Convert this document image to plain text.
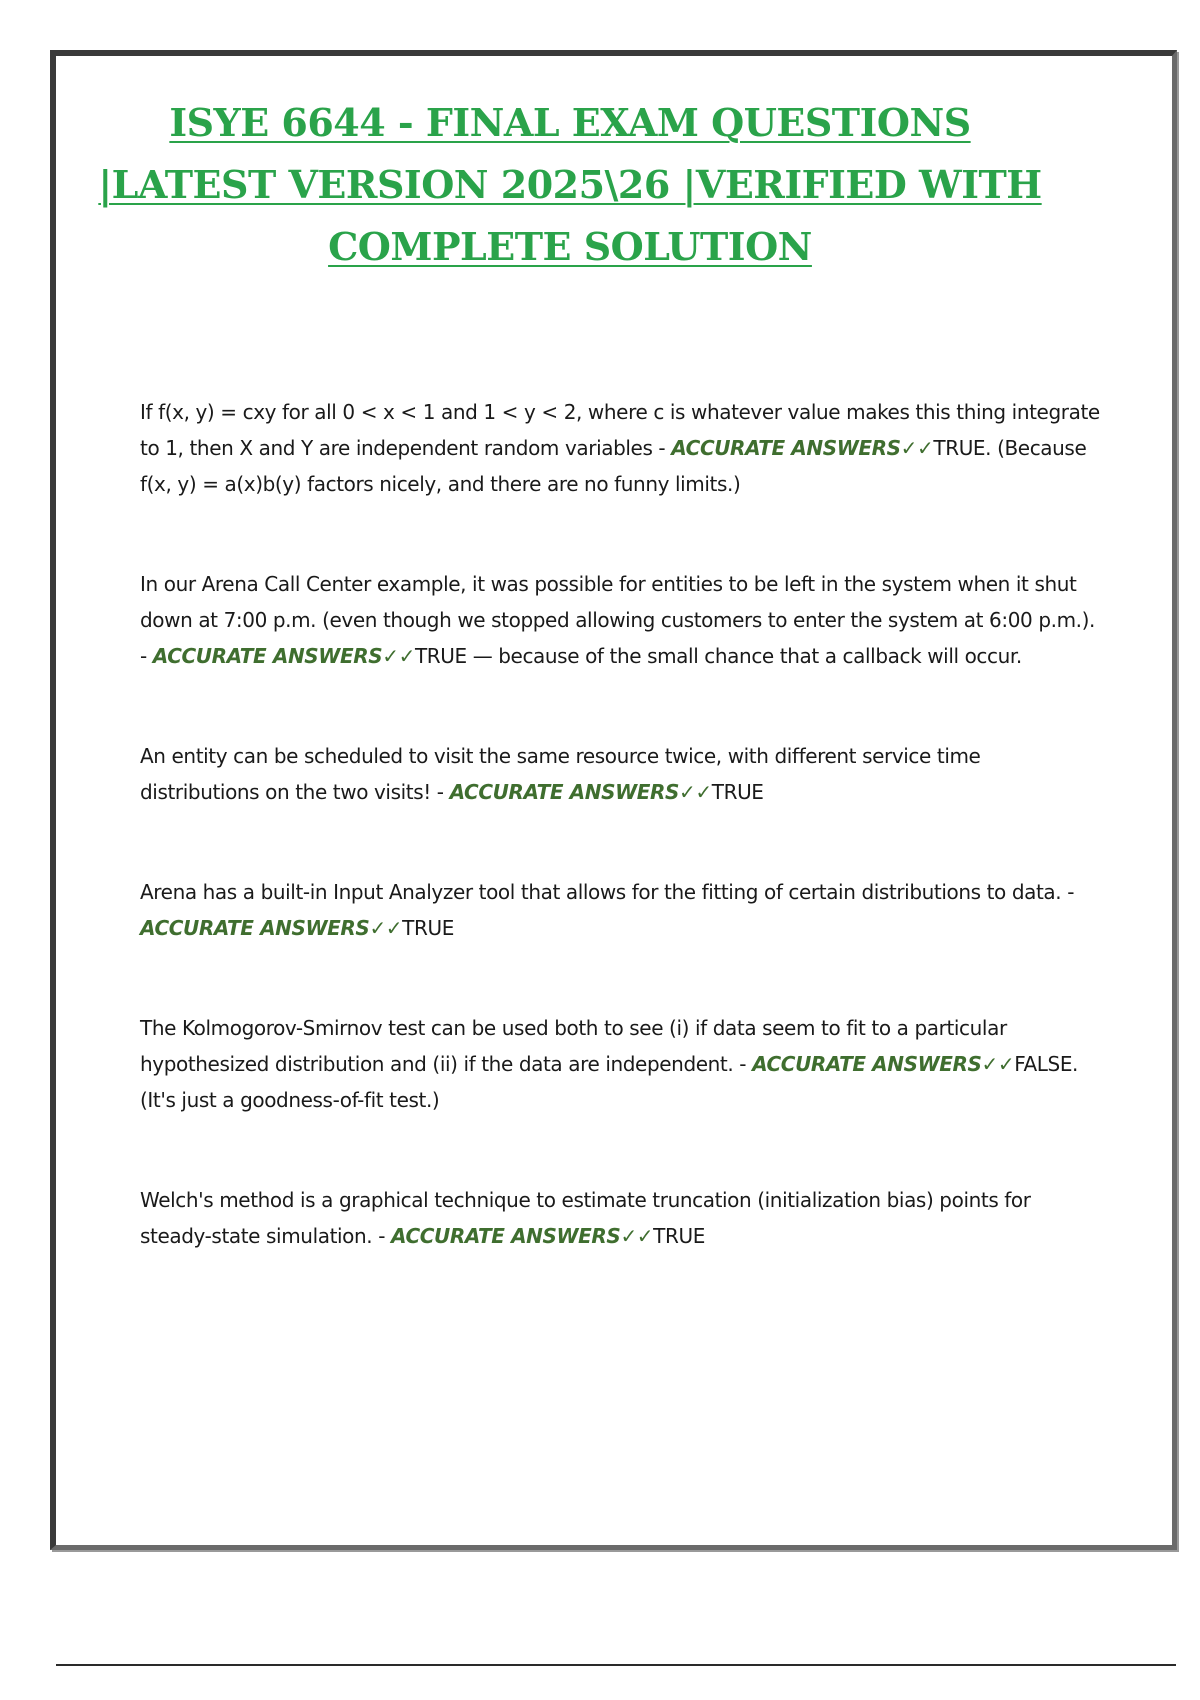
ISYE 6644 - FINAL EXAM QUESTIONS |LATEST VERSION 2025\26 |VERIFIED WITH COMPLETE SOLUTION

If f(x, y) = cxy for all 0 < x < 1 and 1 < y < 2, where c is whatever value makes this thing integrate to 1, then X and Y are independent random variables - ACCURATE ANSWERS✓✓TRUE. (Because f(x, y) = a(x)b(y) factors nicely, and there are no funny limits.)

In our Arena Call Center example, it was possible for entities to be left in the system when it shut down at 7:00 p.m. (even though we stopped allowing customers to enter the system at 6:00 p.m.). - ACCURATE ANSWERS✓✓TRUE — because of the small chance that a callback will occur.

An entity can be scheduled to visit the same resource twice, with different service time distributions on the two visits! - ACCURATE ANSWERS✓✓TRUE

Arena has a built-in Input Analyzer tool that allows for the fitting of certain distributions to data. - ACCURATE ANSWERS✓✓TRUE

The Kolmogorov-Smirnov test can be used both to see (i) if data seem to fit to a particular hypothesized distribution and (ii) if the data are independent. - ACCURATE ANSWERS✓✓FALSE. (It's just a goodness-of-fit test.)

Welch's method is a graphical technique to estimate truncation (initialization bias) points for steady-state simulation. - ACCURATE ANSWERS✓✓TRUE
